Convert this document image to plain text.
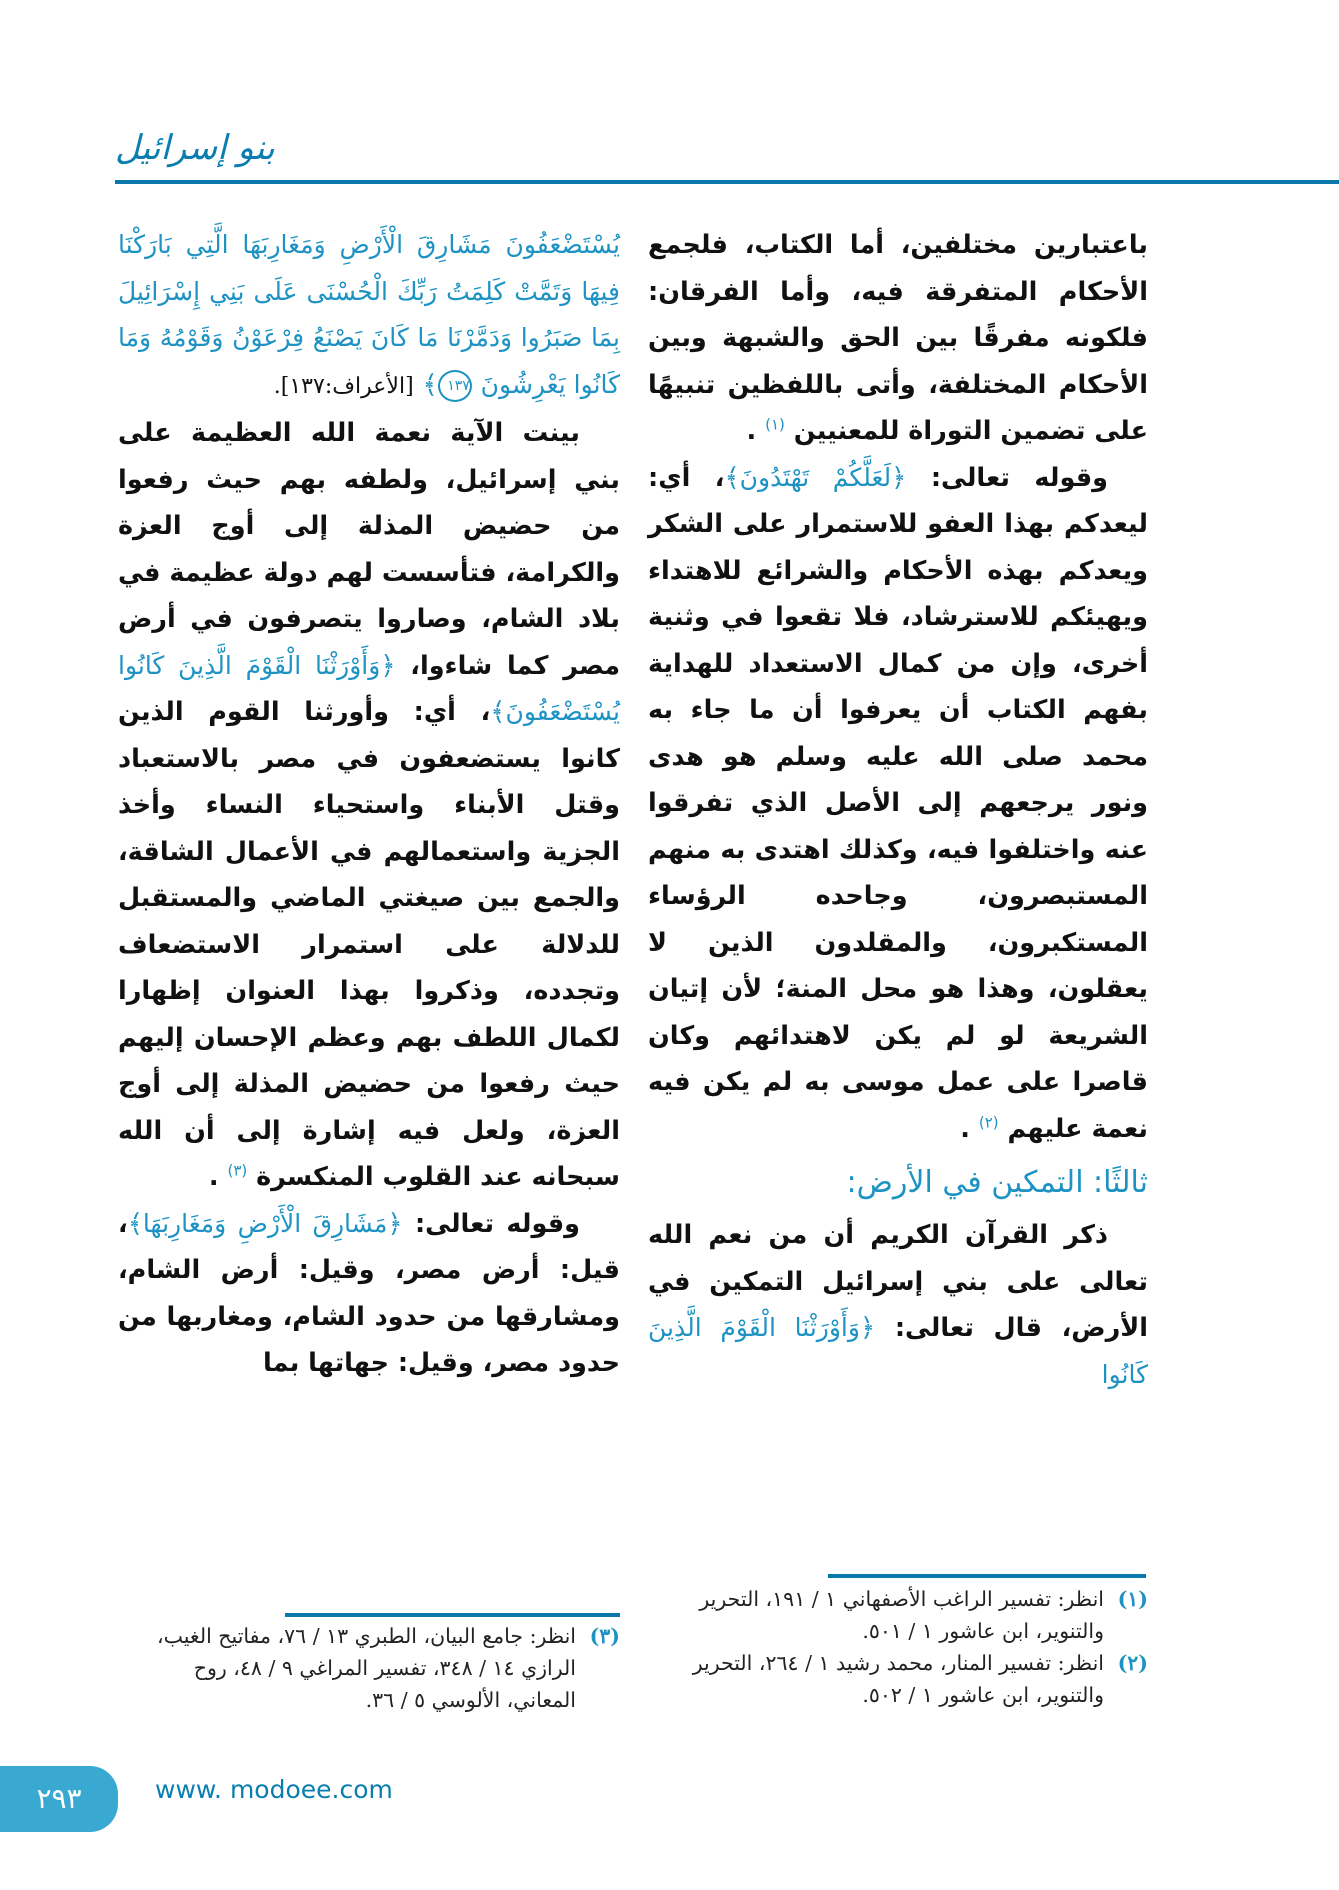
بنو إسرائيل

باعتبارين مختلفين، أما الكتاب، فلجمع الأحكام المتفرقة فيه، وأما الفرقان: فلكونه مفرقًا بين الحق والشبهة وبين الأحكام المختلفة، وأتى باللفظين تنبيهًا على تضمين التوراة للمعنيين $^{(١)}$ .

وقوله تعالى: ﴿لَعَلَّكُمْ تَهْتَدُونَ﴾، أي: ليعدكم بهذا العفو للاستمرار على الشكر ويعدكم بهذه الأحكام والشرائع للاهتداء ويهيئكم للاسترشاد، فلا تقعوا في وثنية أخرى، وإن من كمال الاستعداد للهداية بفهم الكتاب أن يعرفوا أن ما جاء به محمد صلى الله عليه وسلم هو هدى ونور يرجعهم إلى الأصل الذي تفرقوا عنه واختلفوا فيه، وكذلك اهتدى به منهم المستبصرون، وجاحده الرؤساء المستكبرون، والمقلدون الذين لا يعقلون، وهذا هو محل المنة؛ لأن إتيان الشريعة لو لم يكن لاهتدائهم وكان قاصرا على عمل موسى به لم يكن فيه نعمة عليهم $^{(٢)}$ .

ثالثًا: التمكين في الأرض:

ذكر القرآن الكريم أن من نعم الله تعالى على بني إسرائيل التمكين في الأرض، قال تعالى: ﴿وَأَوْرَثْنَا الْقَوْمَ الَّذِينَ كَانُوا

يُسْتَضْعَفُونَ مَشَارِقَ الْأَرْضِ وَمَغَارِبَهَا الَّتِي بَارَكْنَا فِيهَا وَتَمَّتْ كَلِمَتُ رَبِّكَ الْحُسْنَى عَلَى بَنِي إِسْرَائِيلَ بِمَا صَبَرُوا وَدَمَّرْنَا مَا كَانَ يَصْنَعُ فِرْعَوْنُ وَقَوْمُهُ وَمَا كَانُوا يَعْرِشُونَ ١٣٧﴾ [الأعراف:١٣٧].

بينت الآية نعمة الله العظيمة على بني إسرائيل، ولطفه بهم حيث رفعوا من حضيض المذلة إلى أوج العزة والكرامة، فتأسست لهم دولة عظيمة في بلاد الشام، وصاروا يتصرفون في أرض مصر كما شاءوا، ﴿وَأَوْرَثْنَا الْقَوْمَ الَّذِينَ كَانُوا يُسْتَضْعَفُونَ﴾، أي: وأورثنا القوم الذين كانوا يستضعفون في مصر بالاستعباد وقتل الأبناء واستحياء النساء وأخذ الجزية واستعمالهم في الأعمال الشاقة، والجمع بين صيغتي الماضي والمستقبل للدلالة على استمرار الاستضعاف وتجدده، وذكروا بهذا العنوان إظهارا لكمال اللطف بهم وعظم الإحسان إليهم حيث رفعوا من حضيض المذلة إلى أوج العزة، ولعل فيه إشارة إلى أن الله سبحانه عند القلوب المنكسرة $^{(٣)}$ .

وقوله تعالى: ﴿مَشَارِقَ الْأَرْضِ وَمَغَارِبَهَا﴾، قيل: أرض مصر، وقيل: أرض الشام، ومشارقها من حدود الشام، ومغاربها من حدود مصر، وقيل: جهاتها بما

(١)
انظر: تفسير الراغب الأصفهاني ١ / ١٩١، التحرير والتنوير، ابن عاشور ١ / ٥٠١.
(٢)
انظر: تفسير المنار، محمد رشيد ١ / ٢٦٤، التحرير والتنوير، ابن عاشور ١ / ٥٠٢.
(٣)
انظر: جامع البيان، الطبري ١٣ / ٧٦، مفاتيح الغيب، الرازي ١٤ / ٣٤٨، تفسير المراغي ٩ / ٤٨، روح المعاني، الألوسي ٥ / ٣٦.
٢٩٣	www. modoee.com
